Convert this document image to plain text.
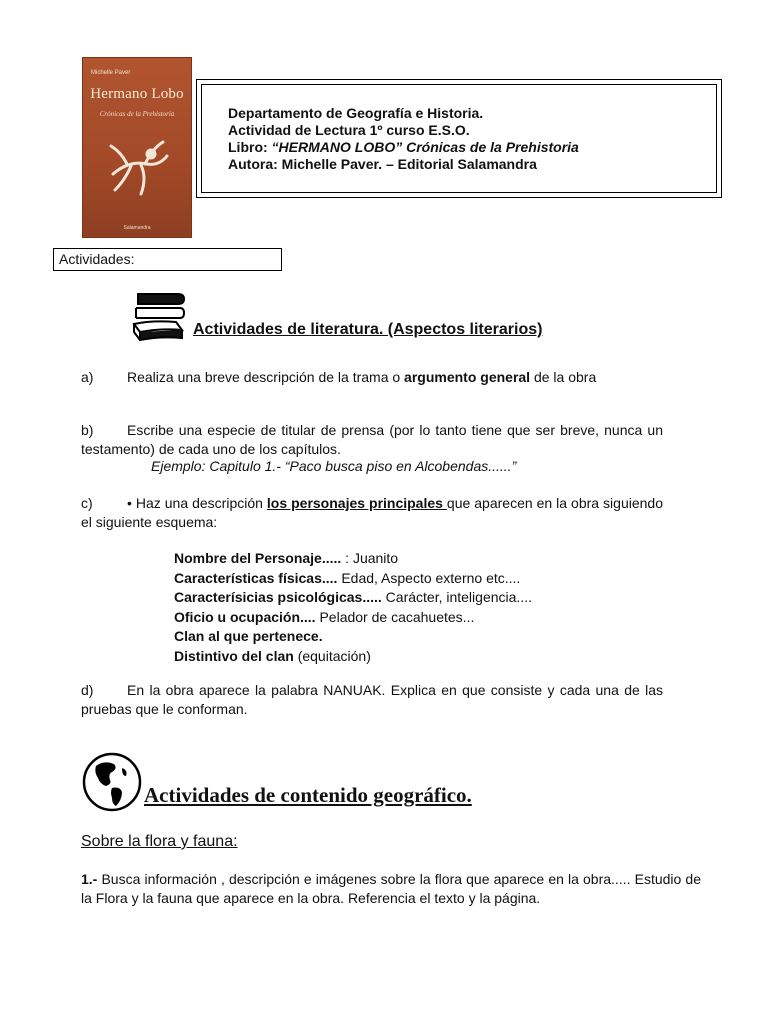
Michelle Paver
Hermano Lobo
Crónicas de la Prehistoria
Salamandra
Departamento de Geografía e Historia.
Actividad de Lectura 1º curso E.S.O.
Libro: “HERMANO LOBO” Crónicas de la Prehistoria
Autora: Michelle Paver. – Editorial Salamandra
Actividades:
Actividades de literatura. (Aspectos literarios)
a) Realiza una breve descripción de la trama o argumento general de la obra
b) Escribe una especie de titular de prensa (por lo tanto tiene que ser breve, nunca un testamento) de cada uno de los capítulos.
Ejemplo: Capitulo 1.- “Paco busca piso en Alcobendas......”
c) • Haz una descripción los personajes principales que aparecen en la obra siguiendo el siguiente esquema:
Nombre del Personaje..... : Juanito
Características físicas.... Edad, Aspecto externo etc....
Caracterísicias psicológicas..... Carácter, inteligencia....
Oficio u ocupación.... Pelador de cacahuetes...
Clan al que pertenece.
Distintivo del clan (equitación)
d) En la obra aparece la palabra NANUAK. Explica en que consiste y cada una de las pruebas que le conforman.
Actividades de contenido geográfico.
Sobre la flora y fauna:
1.- Busca información , descripción e imágenes sobre la flora que aparece en la obra..... Estudio de la Flora y la fauna que aparece en la obra. Referencia el texto y la página.
